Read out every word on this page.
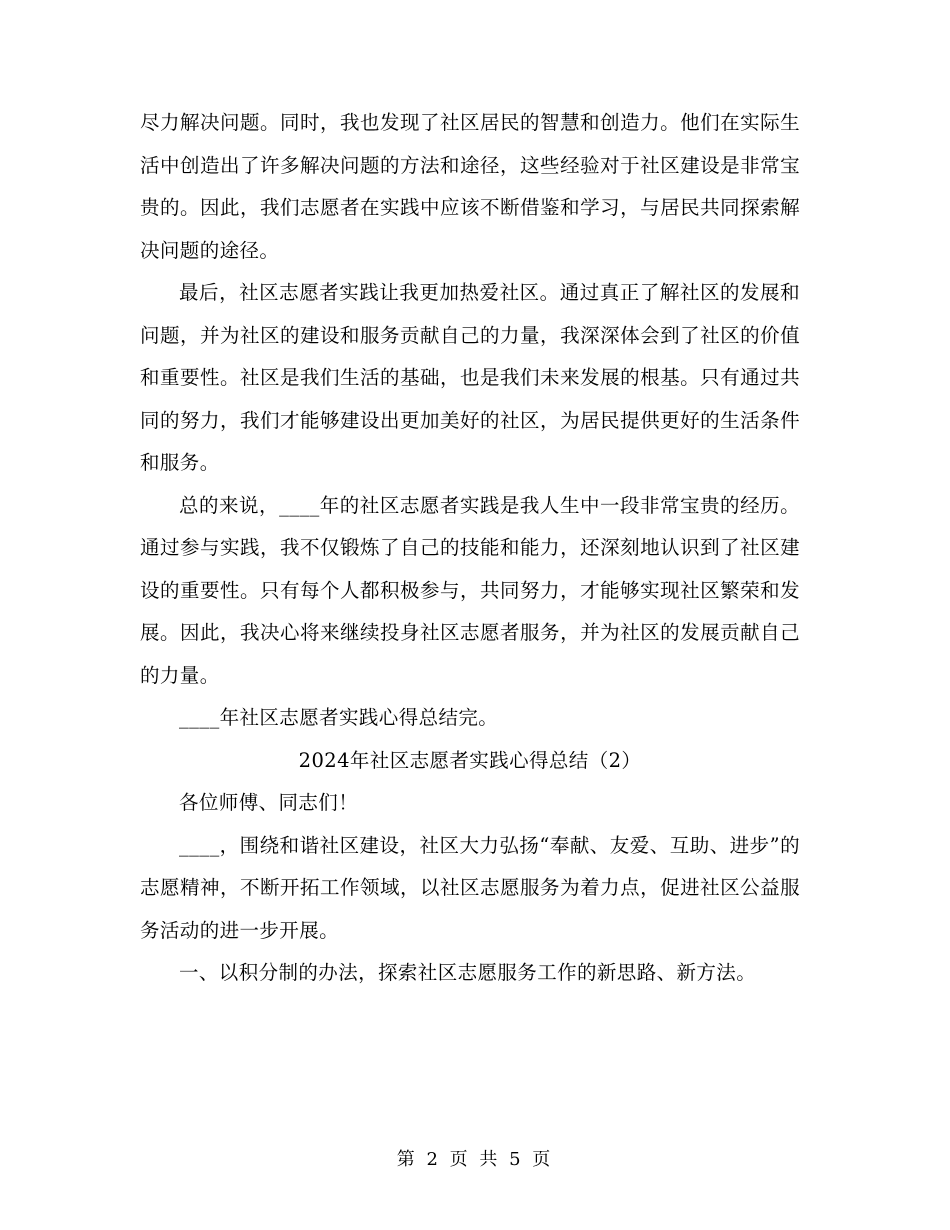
尽力解决问题。同时，我也发现了社区居民的智慧和创造力。他们在实际生活中创造出了许多解决问题的方法和途径，这些经验对于社区建设是非常宝贵的。因此，我们志愿者在实践中应该不断借鉴和学习，与居民共同探索解决问题的途径。

最后，社区志愿者实践让我更加热爱社区。通过真正了解社区的发展和问题，并为社区的建设和服务贡献自己的力量，我深深体会到了社区的价值和重要性。社区是我们生活的基础，也是我们未来发展的根基。只有通过共同的努力，我们才能够建设出更加美好的社区，为居民提供更好的生活条件和服务。

总的来说，____年的社区志愿者实践是我人生中一段非常宝贵的经历。通过参与实践，我不仅锻炼了自己的技能和能力，还深刻地认识到了社区建设的重要性。只有每个人都积极参与，共同努力，才能够实现社区繁荣和发展。因此，我决心将来继续投身社区志愿者服务，并为社区的发展贡献自己的力量。

____年社区志愿者实践心得总结完。

2024年社区志愿者实践心得总结（2）

各位师傅、同志们！

____，围绕和谐社区建设，社区大力弘扬“奉献、友爱、互助、进步”的志愿精神，不断开拓工作领域，以社区志愿服务为着力点，促进社区公益服务活动的进一步开展。

一、以积分制的办法，探索社区志愿服务工作的新思路、新方法。

第 2 页 共 5 页
